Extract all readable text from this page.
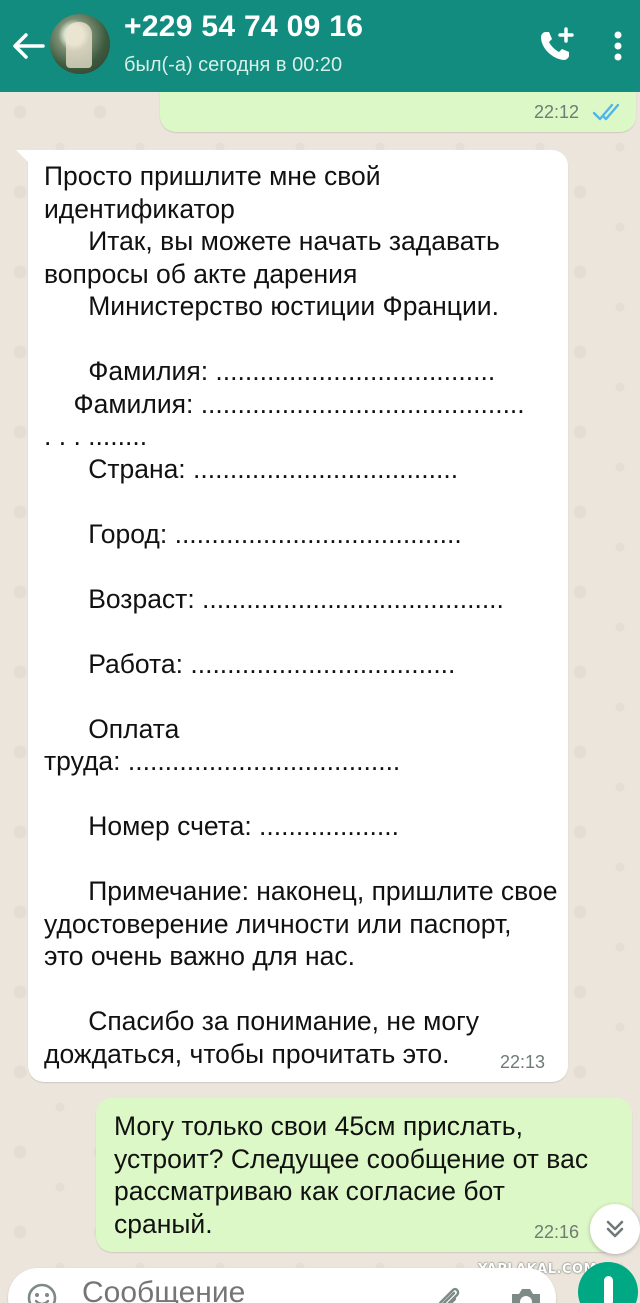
+229 54 74 09 16
был(-а) сегодня в 00:20
22:12
Просто пришлите мне свой идентификатор
Итак, вы можете начать задавать вопросы об акте дарения
Министерство юстиции Франции.

Фамилия: ......................................
Фамилия: ............................................
. . . ........
Страна: ....................................

Город: .......................................

Возраст: .........................................

Работа: ....................................

Оплата
труда: .....................................

Номер счета: ...................

Примечание: наконец, пришлите свое удостоверение личности или паспорт, это очень важно для нас.

Спасибо за понимание, не могу дождаться, чтобы прочитать это.	22:13
Могу только свои 45см прислать, устроит? Следущее сообщение от вас рассматриваю как согласие бот сраный.	22:16
Сообщение
